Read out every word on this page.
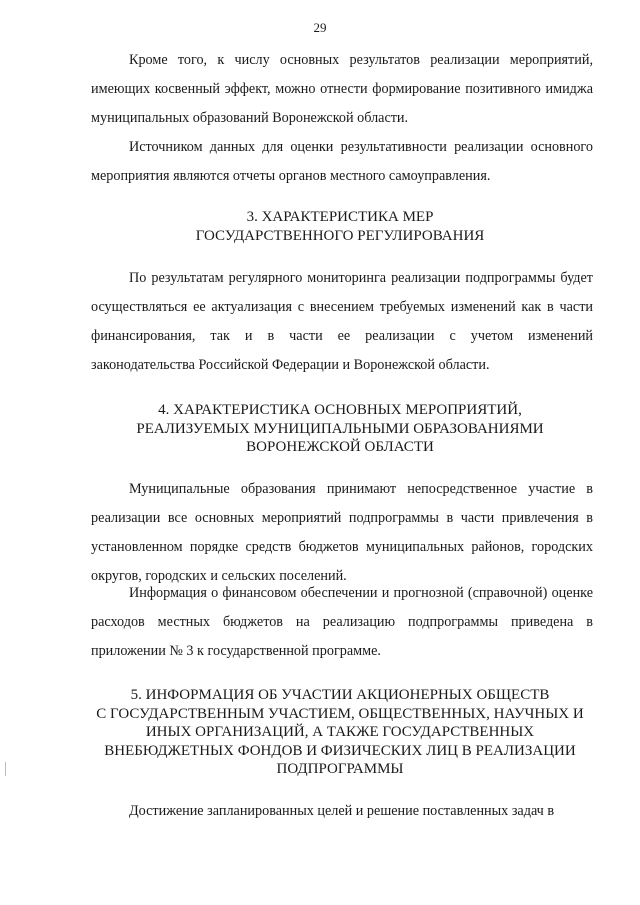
29

Кроме того, к числу основных результатов реализации мероприятий, имеющих косвенный эффект, можно отнести формирование позитивного имиджа муниципальных образований Воронежской области.

Источником данных для оценки результативности реализации основного мероприятия являются отчеты органов местного самоуправления.

3. ХАРАКТЕРИСТИКА МЕР
ГОСУДАРСТВЕННОГО РЕГУЛИРОВАНИЯ

По результатам регулярного мониторинга реализации подпрограммы будет осуществляться ее актуализация с внесением требуемых изменений как в части финансирования, так и в части ее реализации с учетом изменений законодательства Российской Федерации и Воронежской области.

4. ХАРАКТЕРИСТИКА ОСНОВНЫХ МЕРОПРИЯТИЙ,
РЕАЛИЗУЕМЫХ МУНИЦИПАЛЬНЫМИ ОБРАЗОВАНИЯМИ
ВОРОНЕЖСКОЙ ОБЛАСТИ

Муниципальные образования принимают непосредственное участие в реализации все основных мероприятий подпрограммы в части привлечения в установленном порядке средств бюджетов муниципальных районов, городских округов, городских и сельских поселений.

Информация о финансовом обеспечении и прогнозной (справочной) оценке расходов местных бюджетов на реализацию подпрограммы приведена в приложении № 3 к государственной программе.

5. ИНФОРМАЦИЯ ОБ УЧАСТИИ АКЦИОНЕРНЫХ ОБЩЕСТВ
С ГОСУДАРСТВЕННЫМ УЧАСТИЕМ, ОБЩЕСТВЕННЫХ, НАУЧНЫХ И
ИНЫХ ОРГАНИЗАЦИЙ, А ТАКЖЕ ГОСУДАРСТВЕННЫХ
ВНЕБЮДЖЕТНЫХ ФОНДОВ И ФИЗИЧЕСКИХ ЛИЦ В РЕАЛИЗАЦИИ
ПОДПРОГРАММЫ

Достижение запланированных целей и решение поставленных задач в
